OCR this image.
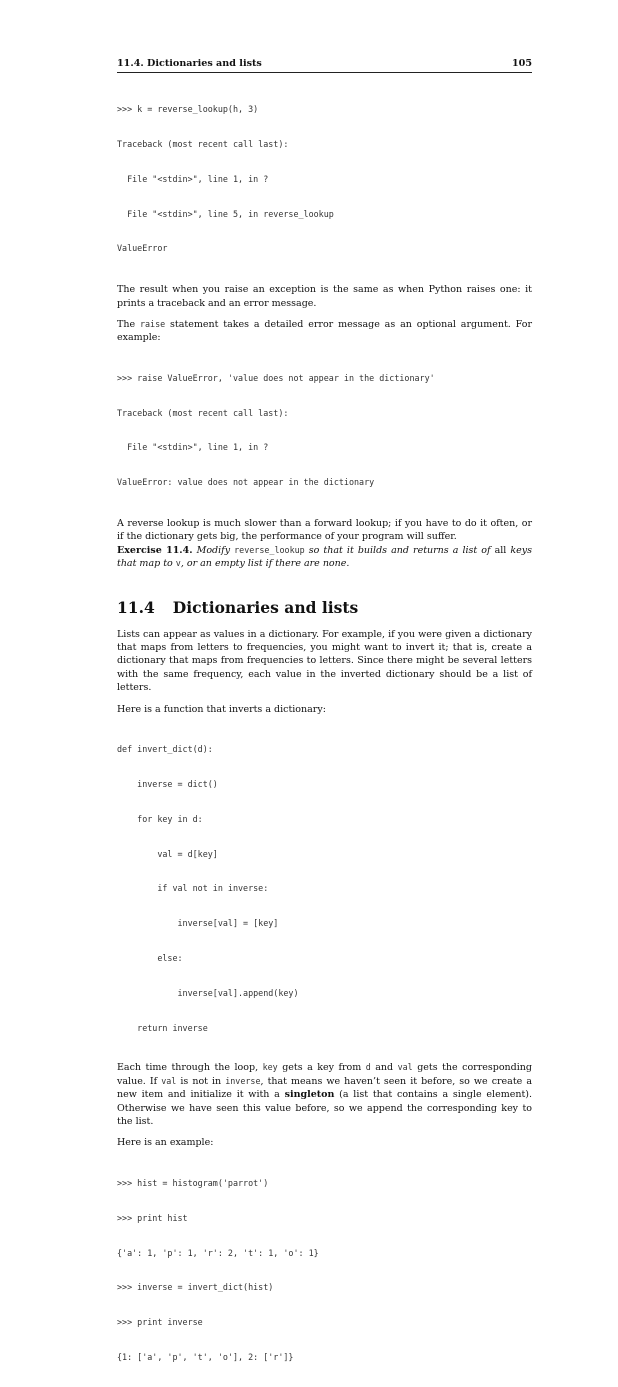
11.4. Dictionaries and lists	105

>>> k = reverse_lookup(h, 3)

Traceback (most recent call last):

File "<stdin>", line 1, in ?

File "<stdin>", line 5, in reverse_lookup

ValueError

The result when you raise an exception is the same as when Python raises one: it prints a traceback and an error message.

The raise statement takes a detailed error message as an optional argument. For example:

>>> raise ValueError, 'value does not appear in the dictionary'

Traceback (most recent call last):

File "<stdin>", line 1, in ?

ValueError: value does not appear in the dictionary

A reverse lookup is much slower than a forward lookup; if you have to do it often, or if the dictionary gets big, the performance of your program will suffer.

Exercise 11.4. Modify reverse_lookup so that it builds and returns a list of all keys that map to v, or an empty list if there are none.

11.4 Dictionaries and lists

Lists can appear as values in a dictionary. For example, if you were given a dictionary that maps from letters to frequencies, you might want to invert it; that is, create a dictionary that maps from frequencies to letters. Since there might be several letters with the same frequency, each value in the inverted dictionary should be a list of letters.

Here is a function that inverts a dictionary:

def invert_dict(d):

inverse = dict()

for key in d:

val = d[key]

if val not in inverse:

inverse[val] = [key]

else:

inverse[val].append(key)

return inverse

Each time through the loop, key gets a key from d and val gets the corresponding value. If val is not in inverse, that means we haven’t seen it before, so we create a new item and initialize it with a singleton (a list that contains a single element). Otherwise we have seen this value before, so we append the corresponding key to the list.

Here is an example:

>>> hist = histogram('parrot')

>>> print hist

{'a': 1, 'p': 1, 'r': 2, 't': 1, 'o': 1}

>>> inverse = invert_dict(hist)

>>> print inverse

{1: ['a', 'p', 't', 'o'], 2: ['r']}
